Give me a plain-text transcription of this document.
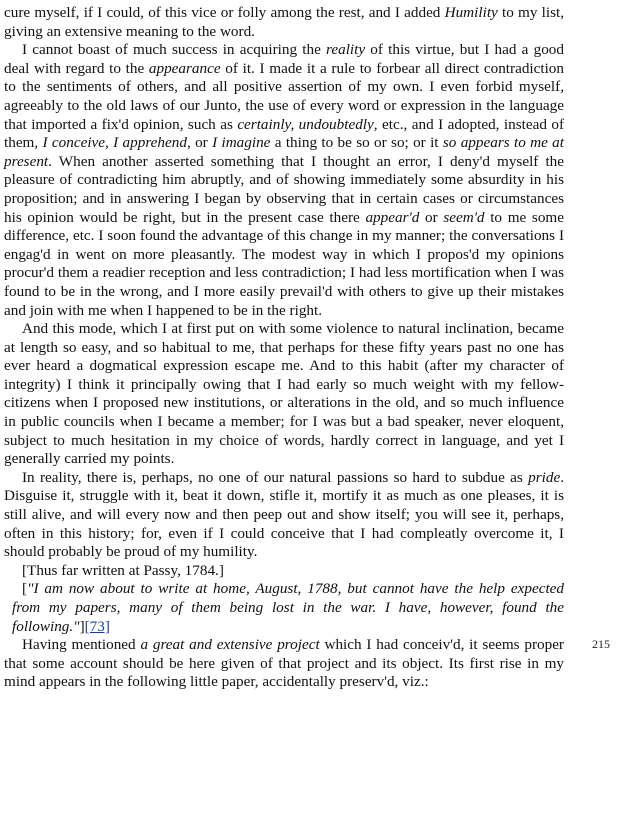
cure myself, if I could, of this vice or folly among the rest, and I added Humility to my list, giving an extensive meaning to the word.

I cannot boast of much success in acquiring the reality of this virtue, but I had a good deal with regard to the appearance of it. I made it a rule to forbear all direct contradiction to the sentiments of others, and all positive assertion of my own. I even forbid myself, agreeably to the old laws of our Junto, the use of every word or expression in the language that imported a fix'd opinion, such as certainly, undoubtedly, etc., and I adopted, instead of them, I conceive, I apprehend, or I imagine a thing to be so or so; or it so appears to me at present. When another asserted something that I thought an error, I deny'd myself the pleasure of contradicting him abruptly, and of showing immediately some absurdity in his proposition; and in answering I began by observing that in certain cases or circumstances his opinion would be right, but in the present case there appear'd or seem'd to me some difference, etc. I soon found the advantage of this change in my manner; the conversations I engag'd in went on more pleasantly. The modest way in which I propos'd my opinions procur'd them a readier reception and less contradiction; I had less mortification when I was found to be in the wrong, and I more easily prevail'd with others to give up their mistakes and join with me when I happened to be in the right.

And this mode, which I at first put on with some violence to natural inclination, became at length so easy, and so habitual to me, that perhaps for these fifty years past no one has ever heard a dogmatical expression escape me. And to this habit (after my character of integrity) I think it principally owing that I had early so much weight with my fellow-citizens when I proposed new institutions, or alterations in the old, and so much influence in public councils when I became a member; for I was but a bad speaker, never eloquent, subject to much hesitation in my choice of words, hardly correct in language, and yet I generally carried my points.

In reality, there is, perhaps, no one of our natural passions so hard to subdue as pride. Disguise it, struggle with it, beat it down, stifle it, mortify it as much as one pleases, it is still alive, and will every now and then peep out and show itself; you will see it, perhaps, often in this history; for, even if I could conceive that I had compleatly overcome it, I should probably be proud of my humility.

[Thus far written at Passy, 1784.]

["I am now about to write at home, August, 1788, but cannot have the help expected from my papers, many of them being lost in the war. I have, however, found the following."][73]

Having mentioned a great and extensive project which I had conceiv'd, it seems proper that some account should be here given of that project and its object. Its first rise in my mind appears in the following little paper, accidentally preserv'd, viz.:

215
